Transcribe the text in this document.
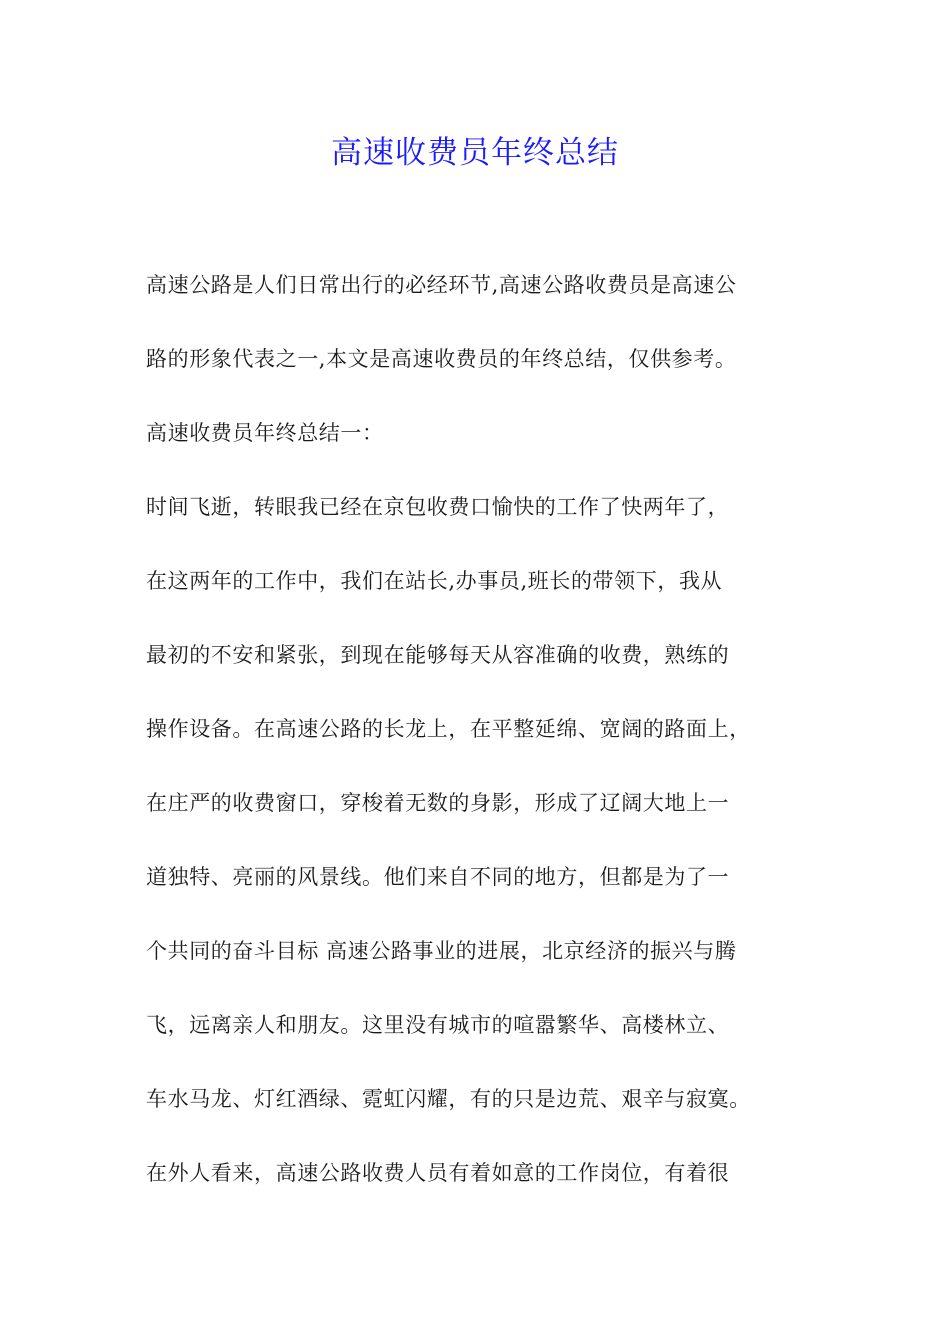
高速收费员年终总结
高速公路是人们日常出行的必经环节,高速公路收费员是高速公
路的形象代表之一,本文是高速收费员的年终总结，仅供参考。
高速收费员年终总结一：
时间飞逝，转眼我已经在京包收费口愉快的工作了快两年了，
在这两年的工作中，我们在站长,办事员,班长的带领下，我从
最初的不安和紧张，到现在能够每天从容准确的收费，熟练的
操作设备。在高速公路的长龙上，在平整延绵、宽阔的路面上，
在庄严的收费窗口，穿梭着无数的身影，形成了辽阔大地上一
道独特、亮丽的风景线。他们来自不同的地方，但都是为了一
个共同的奋斗目标 高速公路事业的进展，北京经济的振兴与腾
飞，远离亲人和朋友。这里没有城市的喧嚣繁华、高楼林立、
车水马龙、灯红酒绿、霓虹闪耀，有的只是边荒、艰辛与寂寞。
在外人看来，高速公路收费人员有着如意的工作岗位，有着很
